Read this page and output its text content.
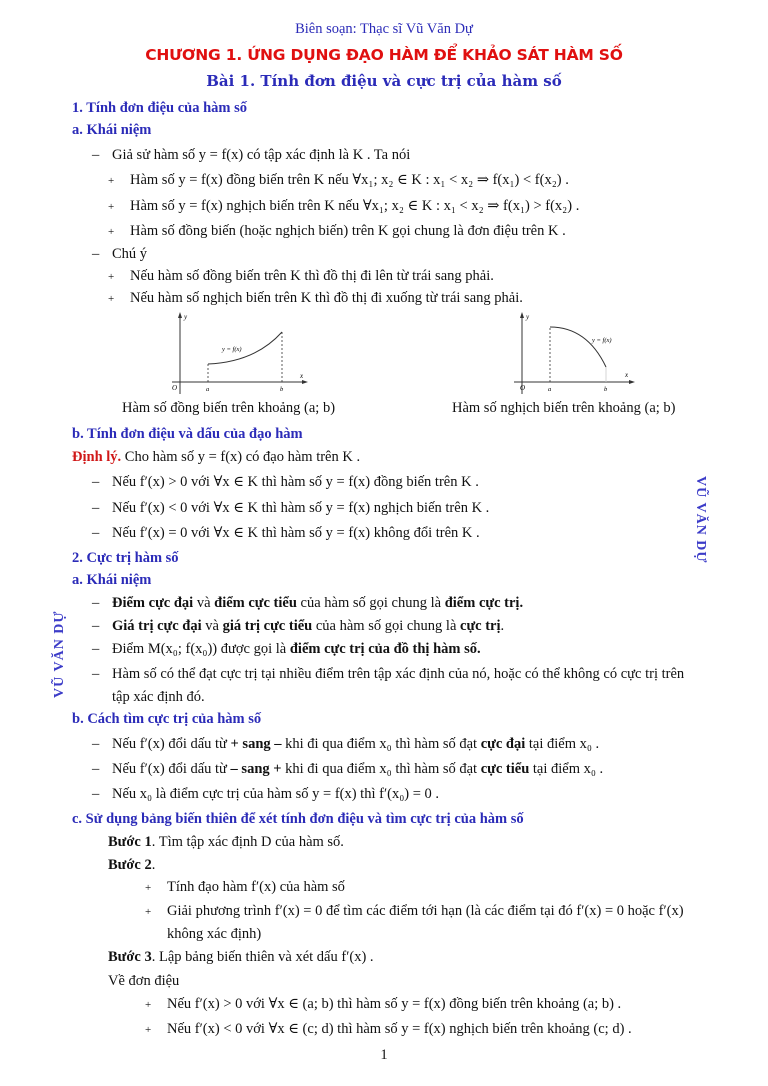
Biên soạn: Thạc sĩ Vũ Văn Dự
CHƯƠNG 1. ỨNG DỤNG ĐẠO HÀM ĐỂ KHẢO SÁT HÀM SỐ
Bài 1. Tính đơn điệu và cực trị của hàm số
VŨ VĂN DỰ
VŨ VĂN DỰ
1. Tính đơn điệu của hàm số
a. Khái niệm
– Giả sử hàm số y = f(x) có tập xác định là K . Ta nói
+ Hàm số y = f(x) đồng biến trên K nếu ∀x₁; x₂ ∈ K : x₁ < x₂ ⇒ f(x₁) < f(x₂) .
+ Hàm số y = f(x) nghịch biến trên K nếu ∀x₁; x₂ ∈ K : x₁ < x₂ ⇒ f(x₁) > f(x₂) .
+ Hàm số đồng biến (hoặc nghịch biến) trên K gọi chung là đơn điệu trên K .
– Chú ý
+ Nếu hàm số đồng biến trên K thì đồ thị đi lên từ trái sang phải.
+ Nếu hàm số nghịch biến trên K thì đồ thị đi xuống từ trái sang phải.
y
x
O	a	b
y = f(x)
Hàm số đồng biến trên khoảng (a; b)
y
x
O	a	b
y = f(x)
Hàm số nghịch biến trên khoảng (a; b)
b. Tính đơn điệu và dấu của đạo hàm
Định lý. Cho hàm số y = f(x) có đạo hàm trên K .
– Nếu f′(x) > 0 với ∀x ∈ K thì hàm số y = f(x) đồng biến trên K .
– Nếu f′(x) < 0 với ∀x ∈ K thì hàm số y = f(x) nghịch biến trên K .
– Nếu f′(x) = 0 với ∀x ∈ K thì hàm số y = f(x) không đổi trên K .
2. Cực trị hàm số
a. Khái niệm
– Điểm cực đại và điểm cực tiểu của hàm số gọi chung là điểm cực trị.
– Giá trị cực đại và giá trị cực tiểu của hàm số gọi chung là cực trị.
– Điểm M(x₀; f(x₀)) được gọi là điểm cực trị của đồ thị hàm số.
– Hàm số có thể đạt cực trị tại nhiều điểm trên tập xác định của nó, hoặc có thể không có cực trị trên
tập xác định đó.
b. Cách tìm cực trị của hàm số
– Nếu f′(x) đổi dấu từ + sang – khi đi qua điểm x₀ thì hàm số đạt cực đại tại điểm x₀ .
– Nếu f′(x) đổi dấu từ – sang + khi đi qua điểm x₀ thì hàm số đạt cực tiểu tại điểm x₀ .
– Nếu x₀ là điểm cực trị của hàm số y = f(x) thì f′(x₀) = 0 .
c. Sử dụng bảng biến thiên để xét tính đơn điệu và tìm cực trị của hàm số
Bước 1. Tìm tập xác định D của hàm số.
Bước 2.
+ Tính đạo hàm f′(x) của hàm số
+ Giải phương trình f′(x) = 0 để tìm các điểm tới hạn (là các điểm tại đó f′(x) = 0 hoặc f′(x)
không xác định)
Bước 3. Lập bảng biến thiên và xét dấu f′(x) .
Về đơn điệu
+ Nếu f′(x) > 0 với ∀x ∈ (a; b) thì hàm số y = f(x) đồng biến trên khoảng (a; b) .
+ Nếu f′(x) < 0 với ∀x ∈ (c; d) thì hàm số y = f(x) nghịch biến trên khoảng (c; d) .
1
